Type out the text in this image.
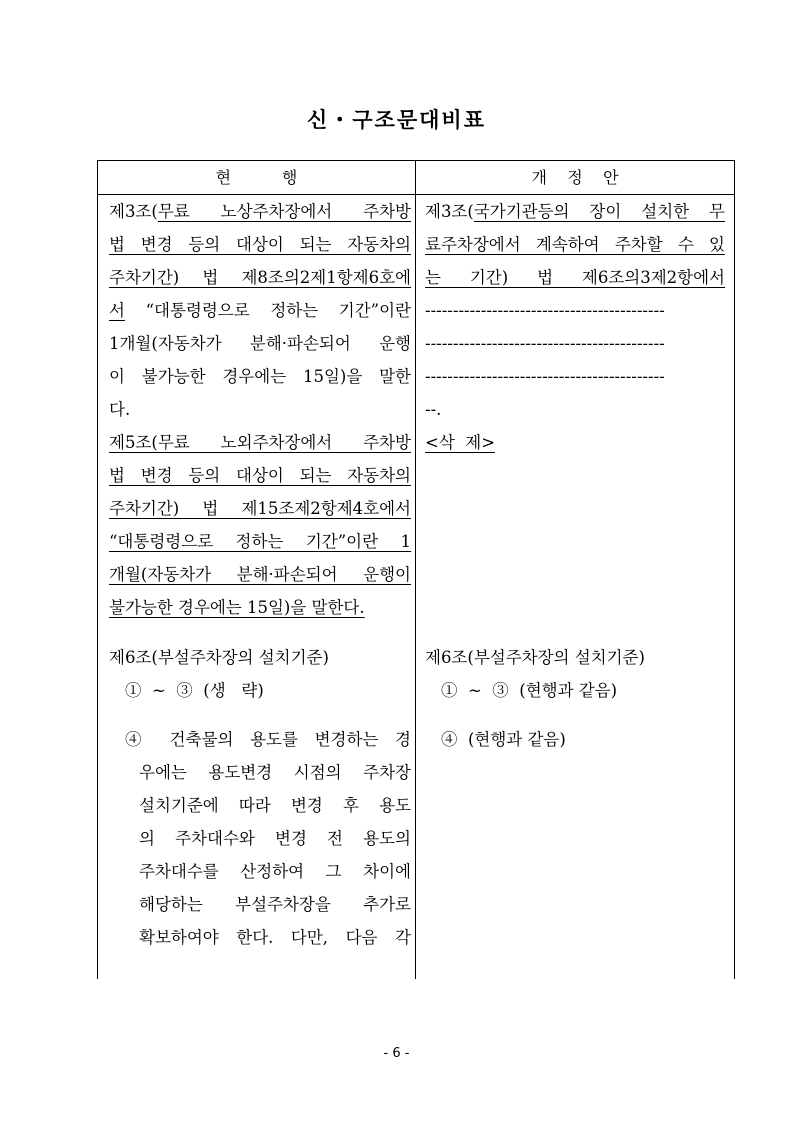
신・구조문대비표
현          행	개    정    안
제3조(무료 노상주차장에서 주차방
법 변경 등의 대상이 되는 자동차의
주차기간) 법 제8조의2제1항제6호에
서 “대통령령으로 정하는 기간”이란
1개월(자동차가 분해·파손되어 운행
이 불가능한 경우에는 15일)을 말한
다.
제5조(무료 노외주차장에서 주차방
법 변경 등의 대상이 되는 자동차의
주차기간) 법 제15조제2항제4호에서
“대통령령으로 정하는 기간”이란 1
개월(자동차가 분해·파손되어 운행이
불가능한 경우에는 15일)을 말한다.
제6조(부설주차장의 설치기준)
①  ~  ③  (생   략)
④ 건축물의 용도를 변경하는 경
우에는 용도변경 시점의 주차장
설치기준에 따라 변경 후 용도
의 주차대수와 변경 전 용도의
주차대수를 산정하여 그 차이에
해당하는 부설주차장을 추가로
확보하여야 한다. 다만, 다음 각
제3조(국가기관등의 장이 설치한 무
료주차장에서 계속하여 주차할 수 있
는 기간) 법 제6조의3제2항에서
-------------------------------------------
-------------------------------------------
-------------------------------------------
--.
<삭  제>
제6조(부설주차장의 설치기준)
①  ~  ③  (현행과 같음)
④  (현행과 같음)
- 6 -
